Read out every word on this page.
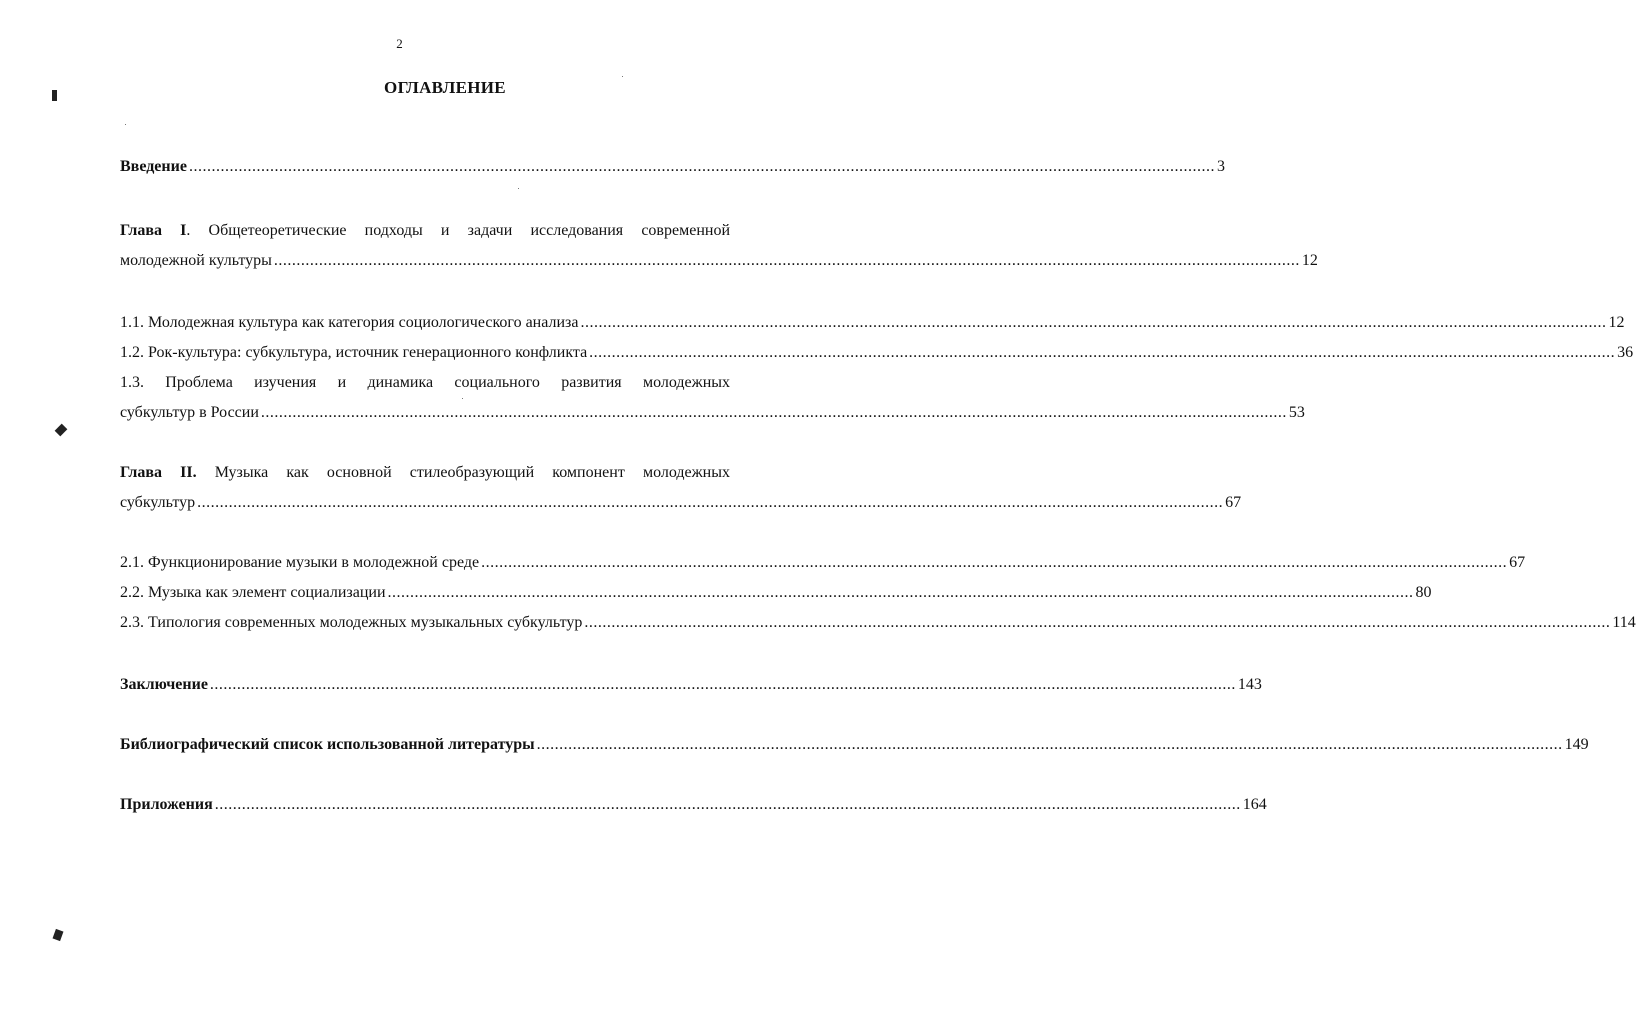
2
ОГЛАВЛЕНИЕ
Введение .................................................................................................................................................................................................................................... 3
Глава I. Общетеоретические подходы и задачи исследования современной
молодежной культуры .................................................................................................................................................................................................................................... 12
1.1. Молодежная культура как категория социологического анализа .................................................................................................................................................................................................................................... 12
1.2. Рок-культура: субкультура, источник генерационного конфликта .................................................................................................................................................................................................................................... 36
1.3. Проблема изучения и динамика социального развития молодежных
субкультур в России .................................................................................................................................................................................................................................... 53
Глава II. Музыка как основной стилеобразующий компонент молодежных
субкультур .................................................................................................................................................................................................................................... 67
2.1. Функционирование музыки в молодежной среде .................................................................................................................................................................................................................................... 67
2.2. Музыка как элемент социализации .................................................................................................................................................................................................................................... 80
2.3. Типология современных молодежных музыкальных субкультур .................................................................................................................................................................................................................................... 114
Заключение .................................................................................................................................................................................................................................... 143
Библиографический список использованной литературы .................................................................................................................................................................................................................................... 149
Приложения .................................................................................................................................................................................................................................... 164
